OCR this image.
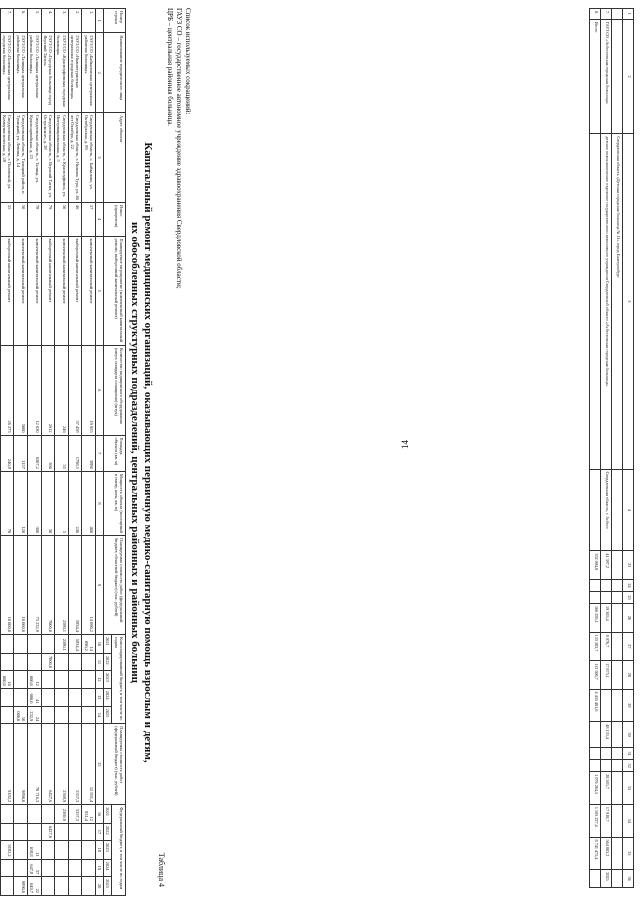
1	2	3	4	23	24	25	26	27	28	29	30	31	32	33	34	35	36
		Свердловская область «Детская городская больница № 11» город Екатеринбург															
7.	ГАУЗ СО «Асбестовская городская больница»	детское поликлиническое отделение государственного автономного учреждения Свердловской области «Асбестовская городская больница»	Свердловская область, г. Асбест	41 397,2			19 383,4	8 076,7	17 875,1		48 133,4			28 583,7	17 918,7	564 883,2	2025
8.	Итого			352 004,0			166 295,1	133 383,7	112 506,7	4 435 481,6				1 076 264,5	1 103 227,4	8 741 475,4	
14
Список используемых сокращений:
ГАУЗ СО – государственное автономное учреждение здравоохранения Свердловской области;
ЦРБ – центральная районная больница.
Таблица 4
Капитальный ремонт медицинских организаций, оказывающих первичную медико-санитарную помощь взрослым и детям,
их обособленных структурных подразделений, центральных районных и районных больниц
Номер строки	Наименование юридического лица	Адрес объекта	Износ (процентов)	Планируемое мероприятие (комплексный капитальный ремонт, выборочный капитальный ремонт)	Количество медицинского оборудования (сверх стандарта оснащения) (штук)	Площадь объекта (кв. м)	Мощность объекта (посещений в смену, коек, кв. м)	Планируемая стоимость работ (федеральный бюджет, областной бюджет) (тыс. рублей)	Консолидированный бюджет, в том числе по годам					Планируемая стоимость работ (федеральный бюджет) (тыс. рублей)	Федеральный бюджет, в том числе по годам				
									2021	2022	2023	2024	2025		2021	2022	2023	2024	2025
1	2	3	4	5	6	7	8	9	10	11	12	13	14	15	16	17	18	19	20
1.	ГАУЗ СО «Байкаловская центральная районная больница»	Свердловская область, с. Байкалово, ул. Октябрьская, д. 89	57	комплексный капитальный ремонт	19 955	3880	400	14 090,2	14 090,2					12 931,4	12 931,4				
2.	ГАУЗ СО «Нижнетуринская центральная городская больница»	Свердловская область, г. Нижняя Тура, ул. 40 лет Октября, д. 22	46	выборочный капитальный ремонт	37 458	1798,5	246	5834,4	5834,4					5357,3	5357,3				
3.	ГАУЗ СО «Красноуфимская городская больница»	Свердловская область, г. Красноуфимск, ул. Интернациональная, д. 5	50	комплексный капитальный ремонт	246	55	5	2580,1	2580,1					2369,9	2369,9				
4.	ГАУЗ СО «Городская больница город Верхний Тагил»	Свердловская область, г. Верхний Тагил, ул. Островского, д. 28	79	выборочный капитальный ремонт	2612	360	30	7000,0		7000,0				6427,6		6427,6			
5.	ГАУЗ СО «Талицкая центральная районная больница»	Свердловская область, г. Талица, ул. Красноармейская, д. 23	78	комплексный капитальный ремонт	12 630	6307,2	300	73 232,9			12 000,0	41 000,0	24 232,9	70 716,3			11 018,8	37 647,8	22 049,7
6.	ГАУЗ СО «Талицкая центральная районная больница»	Свердловская область, Талицкий район, п. Троицкий, ул. Ленина, д. 14	50	комплексный капитальный ремонт	5000	1157	120	10 000,0					10 000,0	9890,0					9890,0
7.	ГАУЗ СО «Полевская центральная городская больница»	Свердловская область, г. Полевской, ул. Коммунистическая, д. 28	55	выборочный капитальный ремонт	26 273	240,8	70	10 000,0			10 000,0			9182,2			9182,2		
